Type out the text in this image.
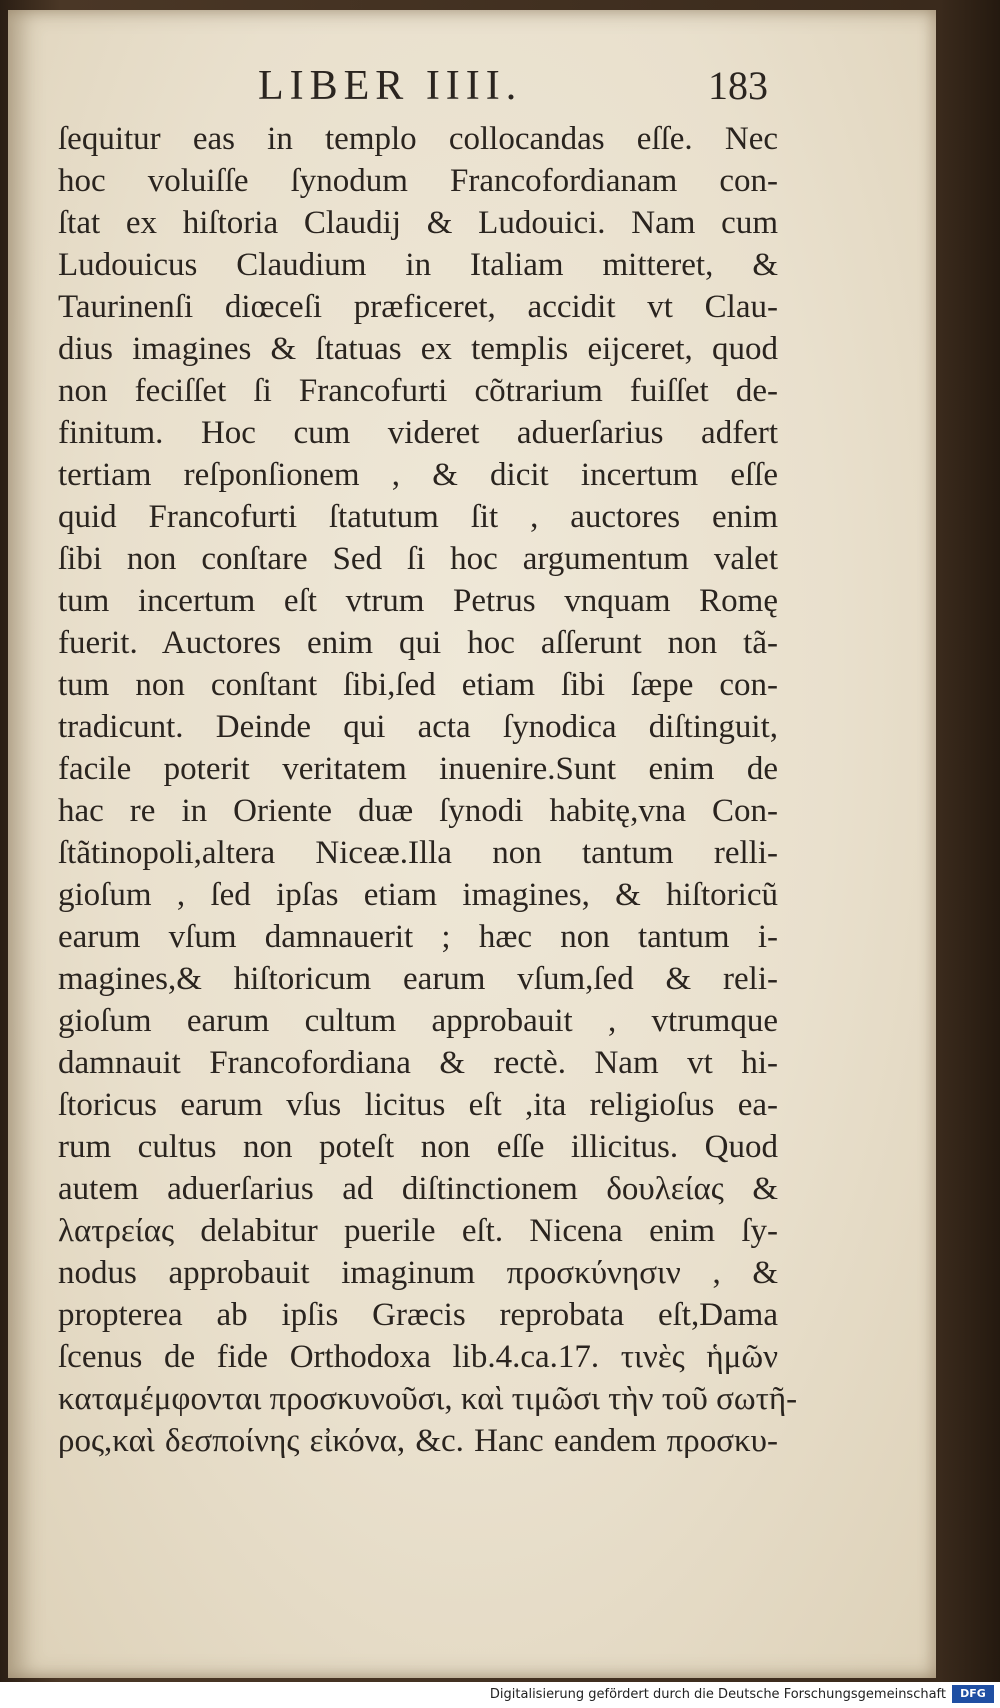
LIBER IIII.	183
ſequitur eas in templo collocandas eſſe. Nec
hoc voluiſſe ſynodum Francofordianam con-
ſtat ex hiſtoria Claudij & Ludouici. Nam cum
Ludouicus Claudium in Italiam mitteret, &
Taurinenſi diœceſi præficeret, accidit vt Clau-
dius imagines & ſtatuas ex templis eijceret, quod
non feciſſet ſi Francofurti cõtrarium fuiſſet de-
finitum. Hoc cum videret aduerſarius adfert
tertiam reſponſionem , & dicit incertum eſſe
quid Francofurti ſtatutum ſit , auctores enim
ſibi non conſtare Sed ſi hoc argumentum valet
tum incertum eſt vtrum Petrus vnquam Romę
fuerit. Auctores enim qui hoc aſſerunt non tã-
tum non conſtant ſibi,ſed etiam ſibi ſæpe con-
tradicunt. Deinde qui acta ſynodica diſtinguit,
facile poterit veritatem inuenire.Sunt enim de
hac re in Oriente duæ ſynodi habitę,vna Con-
ſtãtinopoli,altera Niceæ.Illa non tantum relli-
gioſum , ſed ipſas etiam imagines, & hiſtoricũ
earum vſum damnauerit ; hæc non tantum i-
magines,& hiſtoricum earum vſum,ſed & reli-
gioſum earum cultum approbauit , vtrumque
damnauit Francofordiana & rectè. Nam vt hi-
ſtoricus earum vſus licitus eſt ,ita religioſus ea-
rum cultus non poteſt non eſſe illicitus. Quod
autem aduerſarius ad diſtinctionem δουλείας &
λατρείας delabitur puerile eſt. Nicena enim ſy-
nodus approbauit imaginum προσκύνησιν , &
propterea ab ipſis Græcis reprobata eſt,Dama
ſcenus de fide Orthodoxa lib.4.ca.17. τινὲς ἡμῶν
καταμέμφονται προσκυνοῦσι, καὶ τιμῶσι τὴν τοῦ σωτῆ-
ρος,καὶ δεσποίνης εἰκόνα, &c. Hanc eandem προσκυ-
Digitalisierung gefördert durch die Deutsche Forschungsgemeinschaft	DFG
